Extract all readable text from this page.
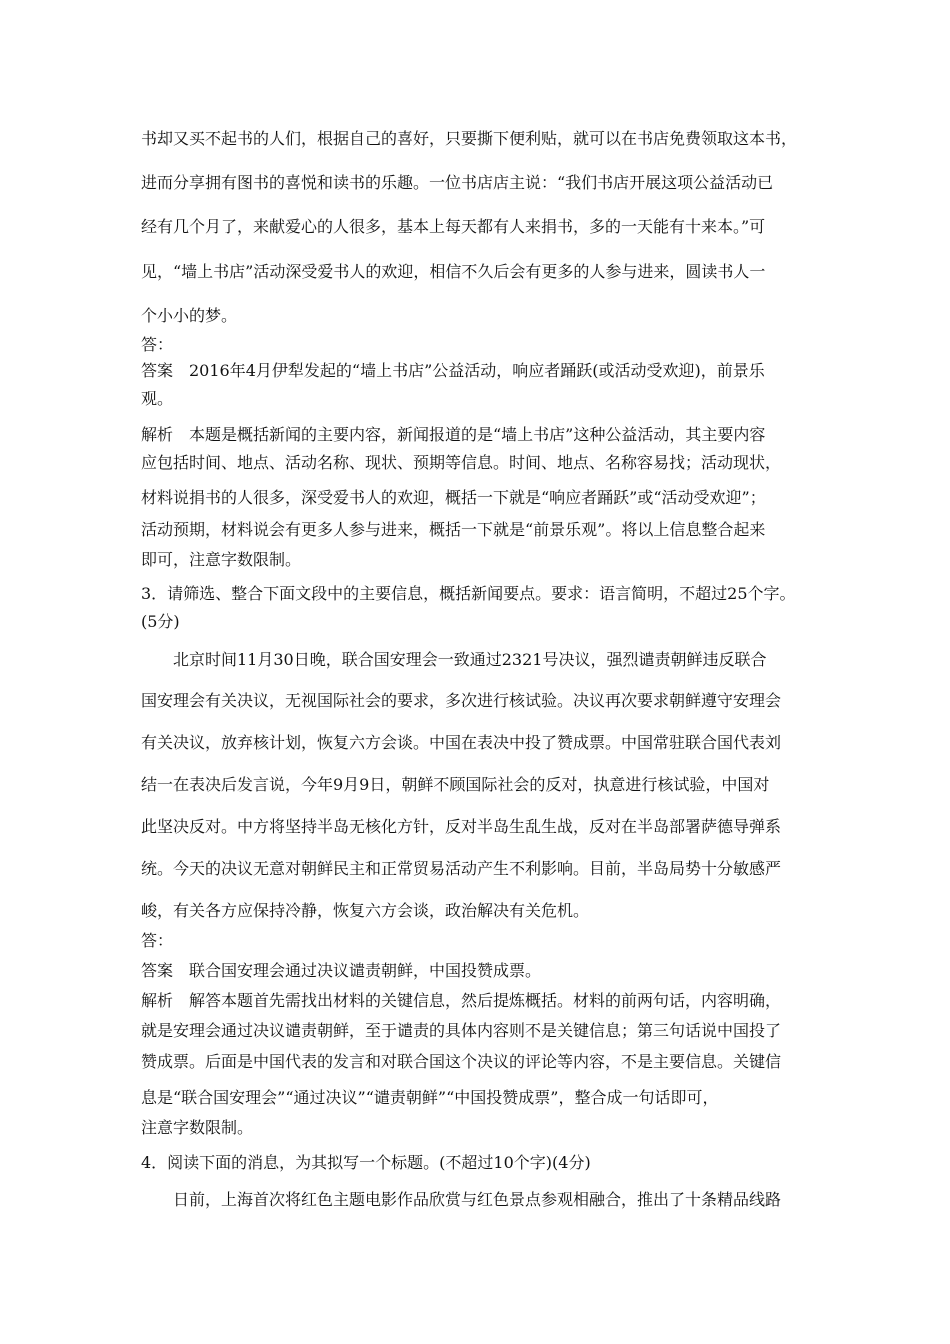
书却又买不起书的人们，根据自己的喜好，只要撕下便利贴，就可以在书店免费领取这本书，
进而分享拥有图书的喜悦和读书的乐趣。一位书店店主说：“我们书店开展这项公益活动已
经有几个月了，来献爱心的人很多，基本上每天都有人来捐书，多的一天能有十来本。”可
见，“墙上书店”活动深受爱书人的欢迎，相信不久后会有更多的人参与进来，圆读书人一
个小小的梦。
答：
答案　2016年4月伊犁发起的“墙上书店”公益活动，响应者踊跃(或活动受欢迎)，前景乐
观。
解析　本题是概括新闻的主要内容，新闻报道的是“墙上书店”这种公益活动，其主要内容
应包括时间、地点、活动名称、现状、预期等信息。时间、地点、名称容易找；活动现状，
材料说捐书的人很多，深受爱书人的欢迎，概括一下就是“响应者踊跃”或“活动受欢迎”；
活动预期，材料说会有更多人参与进来，概括一下就是“前景乐观”。将以上信息整合起来
即可，注意字数限制。
3．请筛选、整合下面文段中的主要信息，概括新闻要点。要求：语言简明，不超过25个字。
(5分)
北京时间11月30日晚，联合国安理会一致通过2321号决议，强烈谴责朝鲜违反联合
国安理会有关决议，无视国际社会的要求，多次进行核试验。决议再次要求朝鲜遵守安理会
有关决议，放弃核计划，恢复六方会谈。中国在表决中投了赞成票。中国常驻联合国代表刘
结一在表决后发言说，今年9月9日，朝鲜不顾国际社会的反对，执意进行核试验，中国对
此坚决反对。中方将坚持半岛无核化方针，反对半岛生乱生战，反对在半岛部署萨德导弹系
统。今天的决议无意对朝鲜民主和正常贸易活动产生不利影响。目前，半岛局势十分敏感严
峻，有关各方应保持冷静，恢复六方会谈，政治解决有关危机。
答：
答案　联合国安理会通过决议谴责朝鲜，中国投赞成票。
解析　解答本题首先需找出材料的关键信息，然后提炼概括。材料的前两句话，内容明确，
就是安理会通过决议谴责朝鲜，至于谴责的具体内容则不是关键信息；第三句话说中国投了
赞成票。后面是中国代表的发言和对联合国这个决议的评论等内容，不是主要信息。关键信
息是“联合国安理会”“通过决议”“谴责朝鲜”“中国投赞成票”，整合成一句话即可，
注意字数限制。
4．阅读下面的消息，为其拟写一个标题。(不超过10个字)(4分)
日前，上海首次将红色主题电影作品欣赏与红色景点参观相融合，推出了十条精品线路
